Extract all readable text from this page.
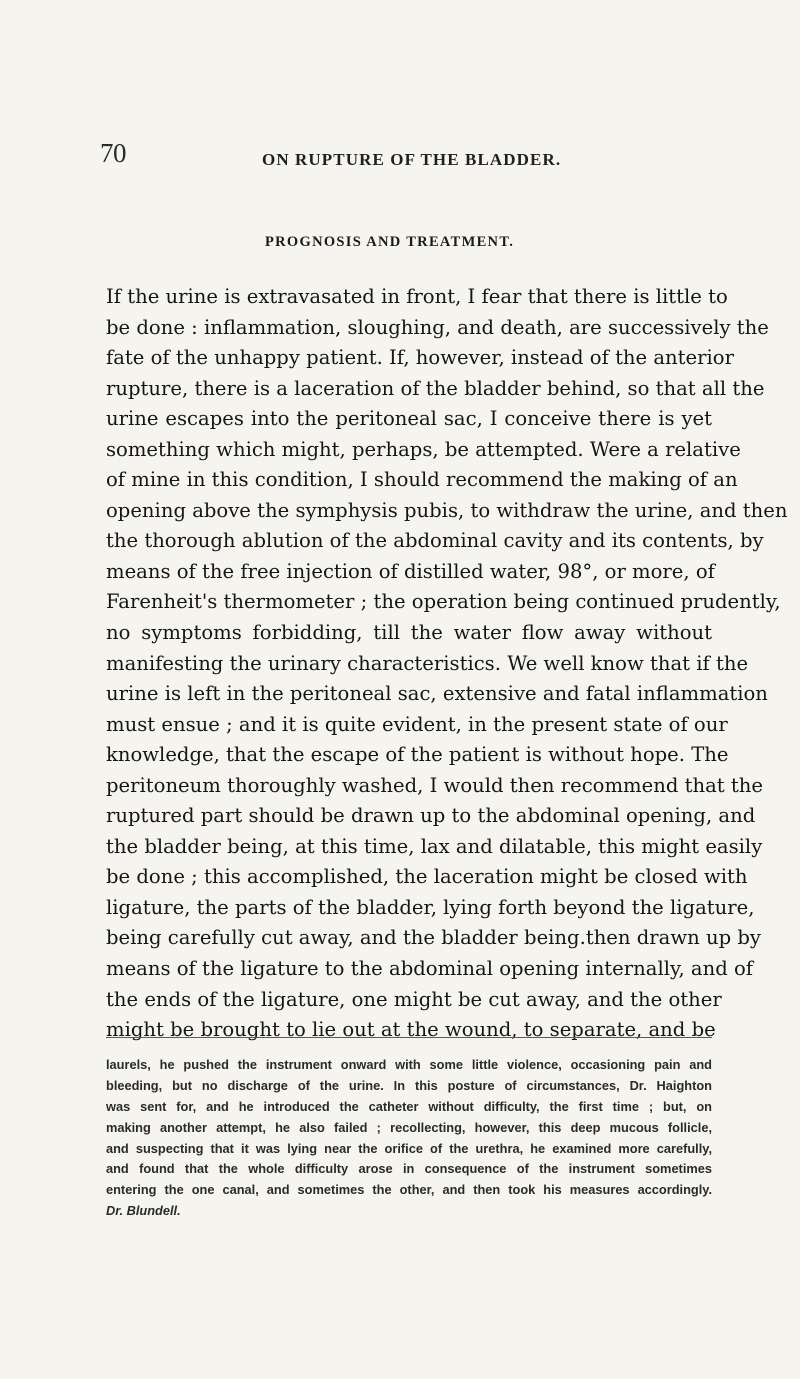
70	ON RUPTURE OF THE BLADDER.
PROGNOSIS AND TREATMENT.
If the urine is extravasated in front, I fear that there is little to
be done : inflammation, sloughing, and death, are successively the
fate of the unhappy patient. If, however, instead of the anterior
rupture, there is a laceration of the bladder behind, so that all the
urine escapes into the peritoneal sac, I conceive there is yet
something which might, perhaps, be attempted. Were a relative
of mine in this condition, I should recommend the making of an
opening above the symphysis pubis, to withdraw the urine, and then
the thorough ablution of the abdominal cavity and its contents, by
means of the free injection of distilled water, 98°, or more, of
Farenheit's thermometer ; the operation being continued prudently,
no symptoms forbidding, till the water flow away without
manifesting the urinary characteristics. We well know that if the
urine is left in the peritoneal sac, extensive and fatal inflammation
must ensue ; and it is quite evident, in the present state of our
knowledge, that the escape of the patient is without hope. The
peritoneum thoroughly washed, I would then recommend that the
ruptured part should be drawn up to the abdominal opening, and
the bladder being, at this time, lax and dilatable, this might easily
be done ; this accomplished, the laceration might be closed with
ligature, the parts of the bladder, lying forth beyond the ligature,
being carefully cut away, and the bladder being.then drawn up by
means of the ligature to the abdominal opening internally, and of
the ends of the ligature, one might be cut away, and the other
might be brought to lie out at the wound, to separate, and be
laurels, he pushed the instrument onward with some little violence, occasioning pain and
bleeding, but no discharge of the urine. In this posture of circumstances, Dr. Haighton
was sent for, and he introduced the catheter without difficulty, the first time ; but, on
making another attempt, he also failed ; recollecting, however, this deep mucous follicle,
and suspecting that it was lying near the orifice of the urethra, he examined more carefully,
and found that the whole difficulty arose in consequence of the instrument sometimes
entering the one canal, and sometimes the other, and then took his measures accordingly.
Dr. Blundell.
